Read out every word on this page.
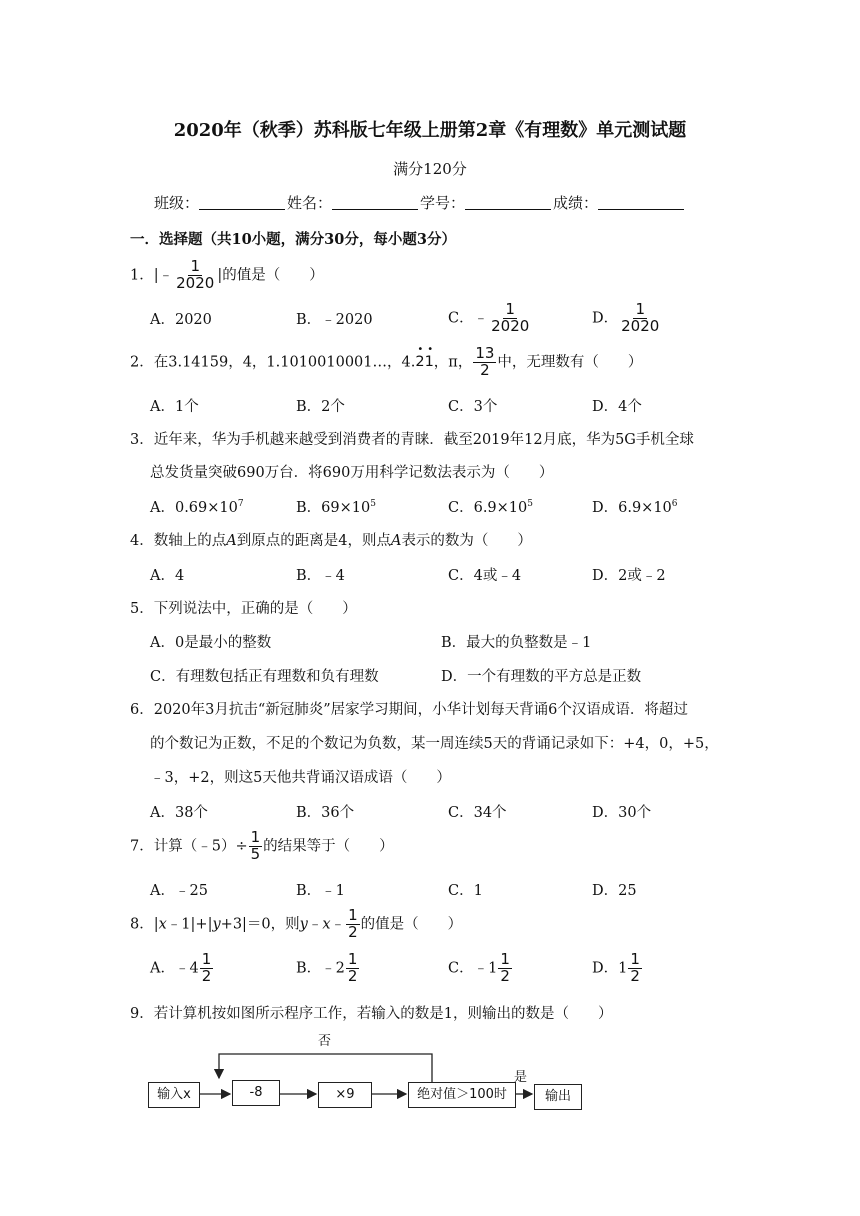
2020年（秋季）苏科版七年级上册第2章《有理数》单元测试题
满分120分
班级：	姓名：	学号：	成绩：
一．选择题（共10小题，满分30分，每小题3分）
1．|﹣ $\frac{1}{2020}$ |的值是（　　）
A．2020	B．﹣2020	C．﹣ $\frac{1}{2020}$	D． $\frac{1}{2020}$
2．在3.14159，4，1.1010010001…，4.
••
21，π， $\frac{13}{2}$ 中，无理数有（　　）
A．1个	B．2个	C．3个	D．4个
3．近年来，华为手机越来越受到消费者的青睐．截至2019年12月底，华为5G手机全球
总发货量突破690万台．将690万用科学记数法表示为（　　）
A．$0.69\times 10^7$	B．$69\times 10^5$	C．$6.9\times 10^5$	D．$6.9\times 10^6$
4．数轴上的点A到原点的距离是4，则点A表示的数为（　　）
A．4	B．﹣4	C．4或﹣4	D．2或﹣2
5．下列说法中，正确的是（　　）
A．0是最小的整数	B．最大的负整数是﹣1
C．有理数包括正有理数和负有理数	D．一个有理数的平方总是正数
6．2020年3月抗击“新冠肺炎”居家学习期间，小华计划每天背诵6个汉语成语．将超过
的个数记为正数，不足的个数记为负数，某一周连续5天的背诵记录如下：+4，0，+5，
﹣3，+2，则这5天他共背诵汉语成语（　　）
A．38个	B．36个	C．34个	D．30个
7．计算（﹣5）÷ $\frac{1}{5}$ 的结果等于（　　）
A．﹣25	B．﹣1	C．1	D．25
8．|x﹣1|+|y+3|＝0，则y﹣x﹣ $\frac{1}{2}$ 的值是（　　）
A．﹣4 $\frac{1}{2}$	B．﹣2 $\frac{1}{2}$	C．﹣1 $\frac{1}{2}$	D．$1 \frac{1}{2}$
9．若计算机按如图所示程序工作，若输入的数是1，则输出的数是（　　）
输入x	-8	×9	绝对值＞100时	输出
否
是
